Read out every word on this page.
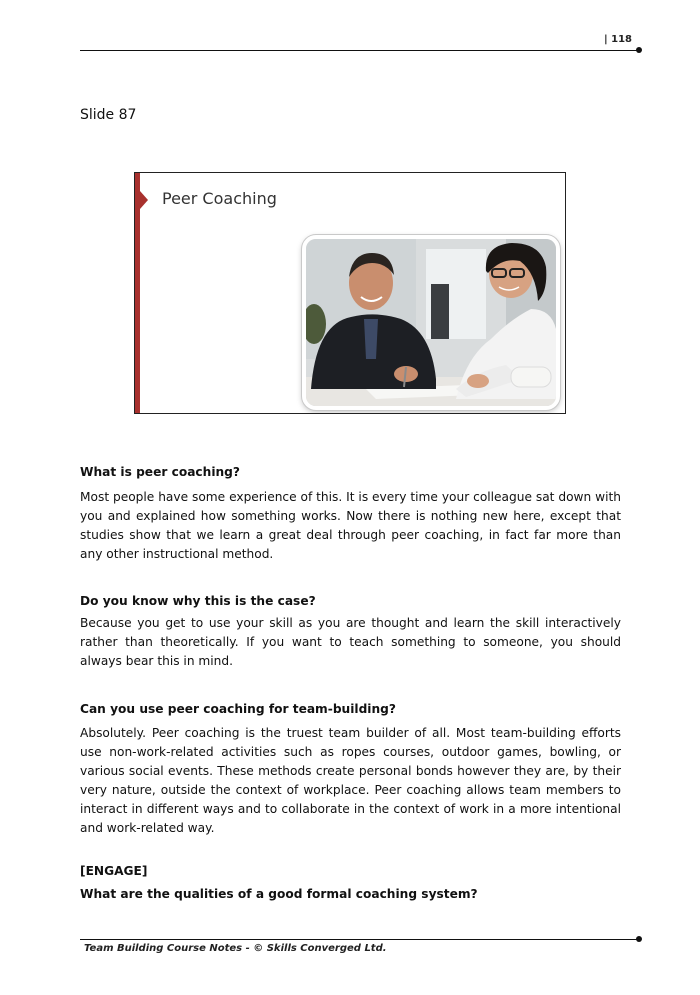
| 118
Slide 87
Peer Coaching
What is peer coaching?
Most people have some experience of this. It is every time your colleague sat down with you and explained how something works. Now there is nothing new here, except that studies show that we learn a great deal through peer coaching, in fact far more than any other instructional method.
Do you know why this is the case?
Because you get to use your skill as you are thought and learn the skill interactively rather than theoretically. If you want to teach something to someone, you should always bear this in mind.
Can you use peer coaching for team-building?
Absolutely. Peer coaching is the truest team builder of all. Most team-building efforts use non-work-related activities such as ropes courses, outdoor games, bowling, or various social events. These methods create personal bonds however they are, by their very nature, outside the context of workplace. Peer coaching allows team members to interact in different ways and to collaborate in the context of work in a more intentional and work-related way.
[ENGAGE]
What are the qualities of a good formal coaching system?
Team Building Course Notes - © Skills Converged Ltd.
